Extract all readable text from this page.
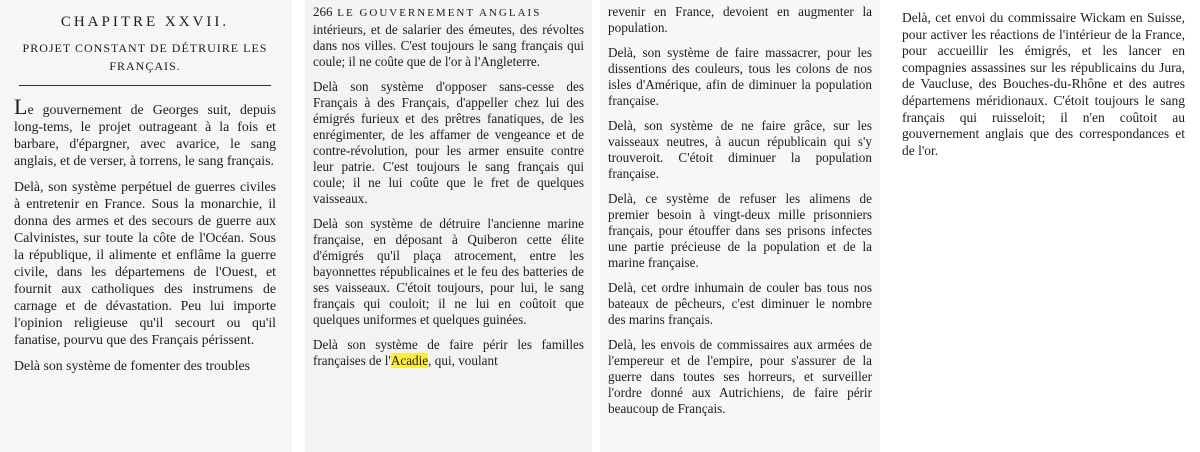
CHAPITRE XXVII.
PROJET CONSTANT DE DÉTRUIRE LES FRANÇAIS.

Le gouvernement de Georges suit, depuis long-tems, le projet outrageant à la fois et barbare, d'épargner, avec avarice, le sang anglais, et de verser, à torrens, le sang français.

Delà, son système perpétuel de guerres civiles à entretenir en France. Sous la monarchie, il donna des armes et des secours de guerre aux Calvinistes, sur toute la côte de l'Océan. Sous la république, il alimente et enflâme la guerre civile, dans les départemens de l'Ouest, et fournit aux catholiques des instrumens de carnage et de dévastation. Peu lui importe l'opinion religieuse qu'il secourt ou qu'il fanatise, pourvu que des Français périssent.

Delà son système de fomenter des troubles

266 LE GOUVERNEMENT ANGLAIS

intérieurs, et de salarier des émeutes, des révoltes dans nos villes. C'est toujours le sang français qui coule; il ne coûte que de l'or à l'Angleterre.

Delà son système d'opposer sans-cesse des Français à des Français, d'appeller chez lui des émigrés furieux et des prêtres fanatiques, de les enrégimenter, de les affamer de vengeance et de contre-révolution, pour les armer ensuite contre leur patrie. C'est toujours le sang français qui coule; il ne lui coûte que le fret de quelques vaisseaux.

Delà son système de détruire l'ancienne marine française, en déposant à Quiberon cette élite d'émigrés qu'il plaça atrocement, entre les bayonnettes républicaines et le feu des batteries de ses vaisseaux. C'étoit toujours, pour lui, le sang français qui couloit; il ne lui en coûtoit que quelques uniformes et quelques guinées.

Delà son système de faire périr les familles françaises de l'Acadie, qui, voulant

revenir en France, devoient en augmenter la population.

Delà, son système de faire massacrer, pour les dissentions des couleurs, tous les colons de nos isles d'Amérique, afin de diminuer la population française.

Delà, son système de ne faire grâce, sur les vaisseaux neutres, à aucun républicain qui s'y trouveroit. C'étoit diminuer la population française.

Delà, ce système de refuser les alimens de premier besoin à vingt-deux mille prisonniers français, pour étouffer dans ses prisons infectes une partie précieuse de la population et de la marine française.

Delà, cet ordre inhumain de couler bas tous nos bateaux de pêcheurs, c'est diminuer le nombre des marins français.

Delà, les envois de commissaires aux armées de l'empereur et de l'empire, pour s'assurer de la guerre dans toutes ses horreurs, et surveiller l'ordre donné aux Autrichiens, de faire périr beaucoup de Français.

Delà, cet envoi du commissaire Wickam en Suisse, pour activer les réactions de l'intérieur de la France, pour accueillir les émigrés, et les lancer en compagnies assassines sur les républicains du Jura, de Vaucluse, des Bouches-du-Rhône et des autres départemens méridionaux. C'étoit toujours le sang français qui ruisseloit; il n'en coûtoit au gouvernement anglais que des correspondances et de l'or.
